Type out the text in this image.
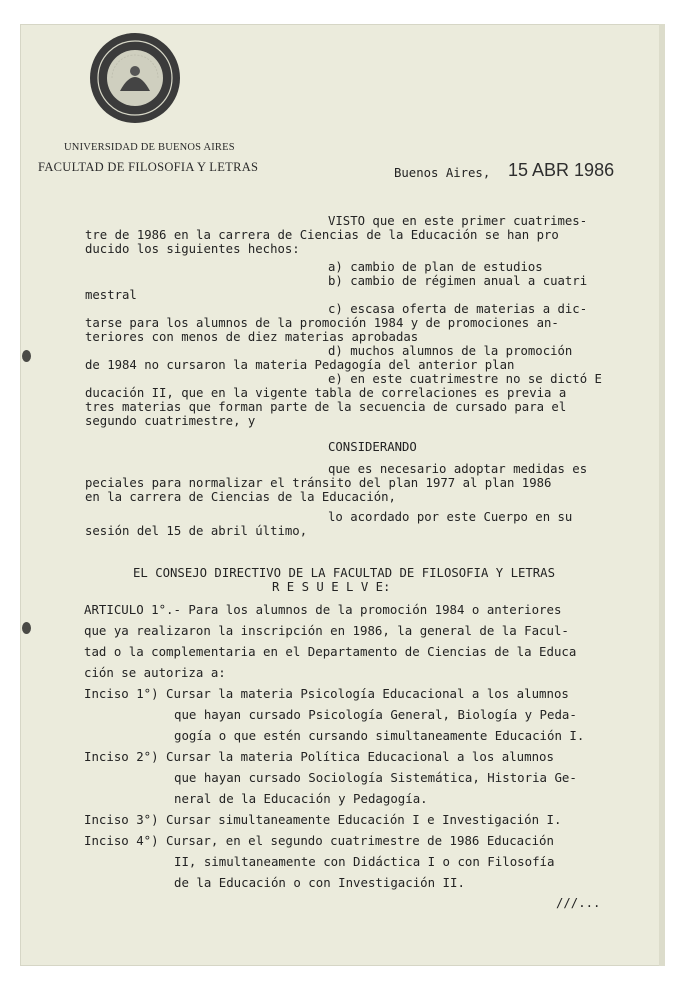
UNIVERSIDAD DE BUENOS AIRES
FACULTAD DE FILOSOFIA Y LETRAS	Buenos Aires, 15 ABR 1986
VISTO que en este primer cuatrimes-
tre de 1986 en la carrera de Ciencias de la Educación se han pro
ducido los siguientes hechos:
a) cambio de plan de estudios
b) cambio de régimen anual a cuatri
mestral
c) escasa oferta de materias a dic-
tarse para los alumnos de la promoción 1984 y de promociones an-
teriores con menos de diez materias aprobadas
d) muchos alumnos de la promoción
de 1984 no cursaron la materia Pedagogía del anterior plan
e) en este cuatrimestre no se dictó E
ducación II, que en la vigente tabla de correlaciones es previa a
tres materias que forman parte de la secuencia de cursado para el
segundo cuatrimestre, y
CONSIDERANDO
que es necesario adoptar medidas es
peciales para normalizar el tránsito del plan 1977 al plan 1986
en la carrera de Ciencias de la Educación,
lo acordado por este Cuerpo en su
sesión del 15 de abril último,
EL CONSEJO DIRECTIVO DE LA FACULTAD DE FILOSOFIA Y LETRAS
R E S U E L V E:
ARTICULO 1°.- Para los alumnos de la promoción 1984 o anteriores
que ya realizaron la inscripción en 1986, la general de la Facul-
tad o la complementaria en el Departamento de Ciencias de la Educa
ción se autoriza a:
Inciso 1°) Cursar la materia Psicología Educacional a los alumnos
que hayan cursado Psicología General, Biología y Peda-
gogía o que estén cursando simultaneamente Educación I.
Inciso 2°) Cursar la materia Política Educacional a los alumnos
que hayan cursado Sociología Sistemática, Historia Ge-
neral de la Educación y Pedagogía.
Inciso 3°) Cursar simultaneamente Educación I e Investigación I.
Inciso 4°) Cursar, en el segundo cuatrimestre de 1986 Educación
II, simultaneamente con Didáctica I o con Filosofía
de la Educación o con Investigación II.
///...
